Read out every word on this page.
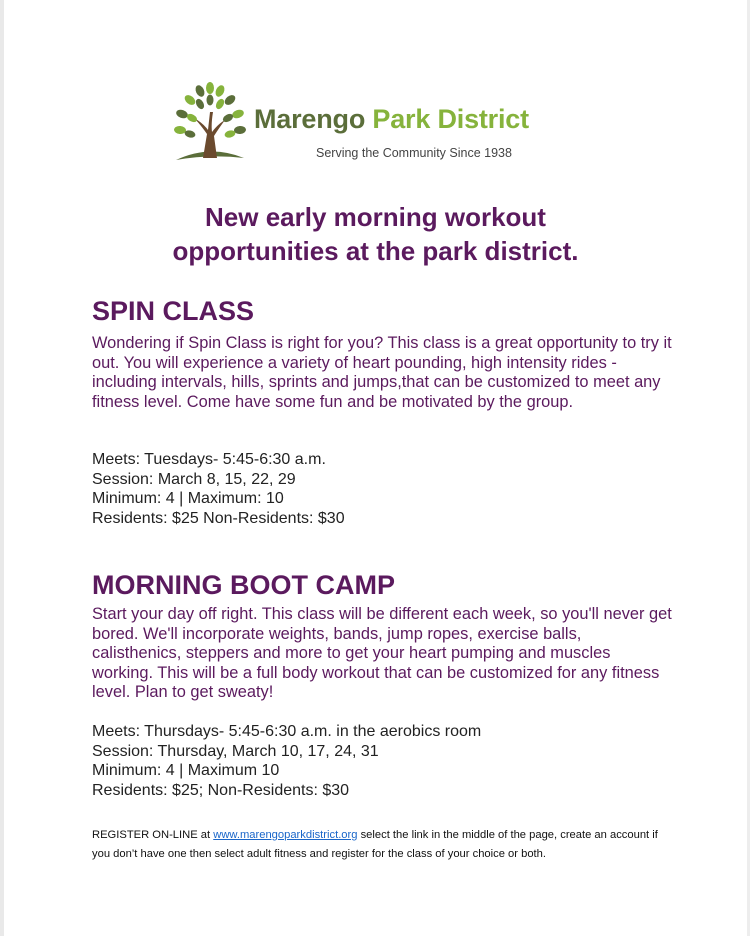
Marengo Park District
Serving the Community Since 1938
New early morning workout
opportunities at the park district.
SPIN CLASS
Wondering if Spin Class is right for you? This class is a great opportunity to try it out. You will experience a variety of heart pounding, high intensity rides - including intervals, hills, sprints and jumps,that can be customized to meet any fitness level. Come have some fun and be motivated by the group.
Meets: Tuesdays- 5:45-6:30 a.m.
Session: March 8, 15, 22, 29
Minimum: 4 | Maximum: 10
Residents: $25 Non-Residents: $30
MORNING BOOT CAMP
Start your day off right. This class will be different each week, so you'll never get bored. We'll incorporate weights, bands, jump ropes, exercise balls, calisthenics, steppers and more to get your heart pumping and muscles working. This will be a full body workout that can be customized for any fitness level. Plan to get sweaty!
Meets: Thursdays- 5:45-6:30 a.m. in the aerobics room
Session: Thursday, March 10, 17, 24, 31
Minimum: 4 | Maximum 10
Residents: $25; Non-Residents: $30
REGISTER ON-LINE at www.marengoparkdistrict.org select the link in the middle of the page, create an account if you don’t have one then select adult fitness and register for the class of your choice or both.
